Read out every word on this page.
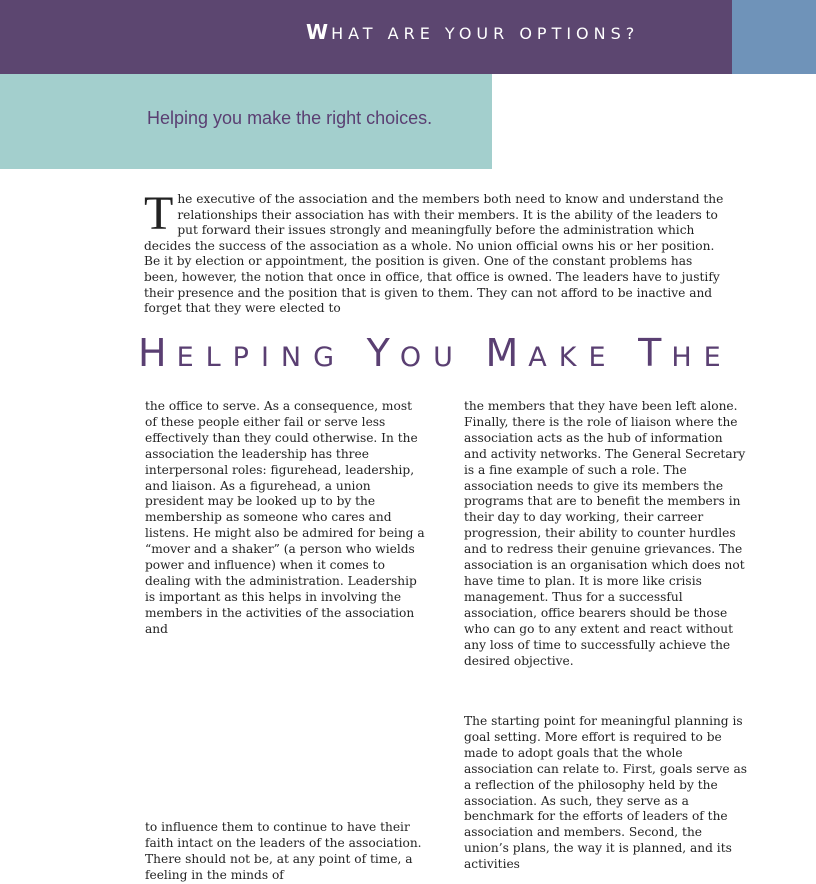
WHAT ARE YOUR OPTIONS?

Helping you make the right choices.

The executive of the association and the members both need to know and understand the relationships their association has with their members. It is the ability of the leaders to put forward their issues strongly and meaningfully before the administration which decides the success of the association as a whole. No union official owns his or her position. Be it by election or appointment, the position is given. One of the constant problems has been, however, the notion that once in office, that office is owned. The leaders have to justify their presence and the position that is given to them. They can not afford to be inactive and forget that they were elected to

HELPING YOU MAKE THE

the office to serve. As a consequence, most of these people either fail or serve less effectively than they could otherwise. In the association the leadership has three interpersonal roles: figurehead, leadership, and liaison. As a figurehead, a union president may be looked up to by the membership as someone who cares and listens. He might also be admired for being a “mover and a shaker” (a person who wields power and influence) when it comes to dealing with the administration. Leadership is important as this helps in involving the members in the activities of the association and

to influence them to continue to have their faith intact on the leaders of the association. There should not be, at any point of time, a feeling in the minds of

the members that they have been left alone. Finally, there is the role of liaison where the association acts as the hub of information and activity networks. The General Secretary is a fine example of such a role. The association needs to give its members the programs that are to benefit the members in their day to day working, their carreer progression, their ability to counter hurdles and to redress their genuine grievances. The association is an organisation which does not have time to plan. It is more like crisis management. Thus for a successful association, office bearers should be those who can go to any extent and react without any loss of time to successfully achieve the desired objective.

The starting point for meaningful planning is goal setting. More effort is required to be made to adopt goals that the whole association can relate to. First, goals serve as a reflection of the philosophy held by the association. As such, they serve as a benchmark for the efforts of leaders of the association and members. Second, the union’s plans, the way it is planned, and its activities
